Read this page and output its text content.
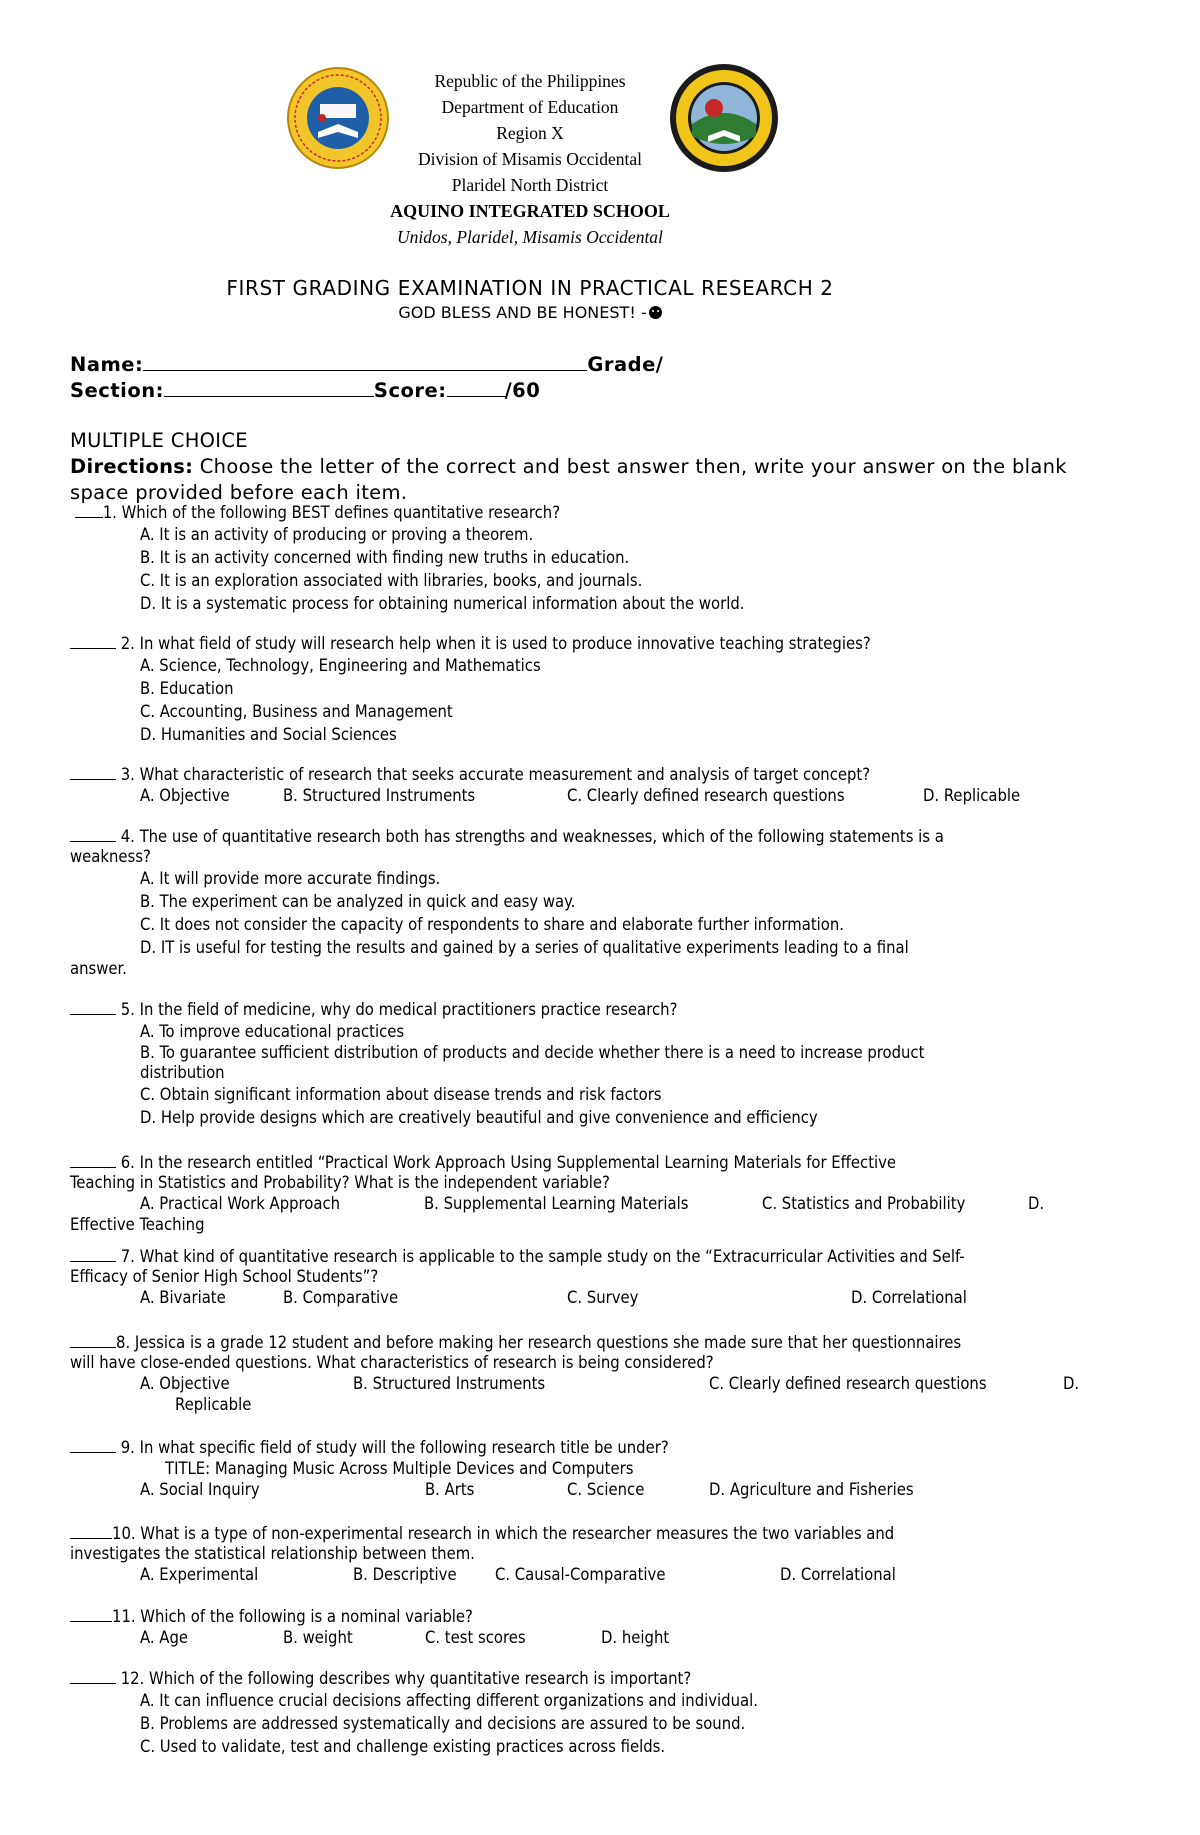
Republic of the Philippines
Department of Education
Region X
Division of Misamis Occidental
Plaridel North District
AQUINO INTEGRATED SCHOOL
Unidos, Plaridel, Misamis Occidental
FIRST GRADING EXAMINATION IN PRACTICAL RESEARCH 2
GOD BLESS AND BE HONEST! -
Name:	Grade/
Section:	Score:	/60
MULTIPLE CHOICE
Directions: Choose the letter of the correct and best answer then, write your answer on the blank space provided before each item.
1. Which of the following BEST defines quantitative research?
A. It is an activity of producing or proving a theorem.
B. It is an activity concerned with finding new truths in education.
C. It is an exploration associated with libraries, books, and journals.
D. It is a systematic process for obtaining numerical information about the world.
2. In what field of study will research help when it is used to produce innovative teaching strategies?
A. Science, Technology, Engineering and Mathematics
B. Education
C. Accounting, Business and Management
D. Humanities and Social Sciences
3. What characteristic of research that seeks accurate measurement and analysis of target concept?
A. Objective	B. Structured Instruments	C. Clearly defined research questions	D. Replicable
4. The use of quantitative research both has strengths and weaknesses, which of the following statements is a
weakness?
A. It will provide more accurate findings.
B. The experiment can be analyzed in quick and easy way.
C. It does not consider the capacity of respondents to share and elaborate further information.
D. IT is useful for testing the results and gained by a series of qualitative experiments leading to a final
answer.
5. In the field of medicine, why do medical practitioners practice research?
A. To improve educational practices
B. To guarantee sufficient distribution of products and decide whether there is a need to increase product
distribution
C. Obtain significant information about disease trends and risk factors
D. Help provide designs which are creatively beautiful and give convenience and efficiency
6. In the research entitled “Practical Work Approach Using Supplemental Learning Materials for Effective
Teaching in Statistics and Probability? What is the independent variable?
A. Practical Work Approach	B. Supplemental Learning Materials	C. Statistics and Probability	D.
Effective Teaching
7. What kind of quantitative research is applicable to the sample study on the “Extracurricular Activities and Self-
Efficacy of Senior High School Students”?
A. Bivariate	B. Comparative	C. Survey	D. Correlational
8. Jessica is a grade 12 student and before making her research questions she made sure that her questionnaires
will have close-ended questions. What characteristics of research is being considered?
A. Objective	B. Structured Instruments	C. Clearly defined research questions	D.
Replicable
9. In what specific field of study will the following research title be under?
TITLE: Managing Music Across Multiple Devices and Computers
A. Social Inquiry	B. Arts	C. Science	D. Agriculture and Fisheries
10. What is a type of non-experimental research in which the researcher measures the two variables and
investigates the statistical relationship between them.
A. Experimental	B. Descriptive C. Causal-Comparative	D. Correlational
11. Which of the following is a nominal variable?
A. Age	B. weight	C. test scores	D. height
12. Which of the following describes why quantitative research is important?
A. It can influence crucial decisions affecting different organizations and individual.
B. Problems are addressed systematically and decisions are assured to be sound.
C. Used to validate, test and challenge existing practices across fields.
